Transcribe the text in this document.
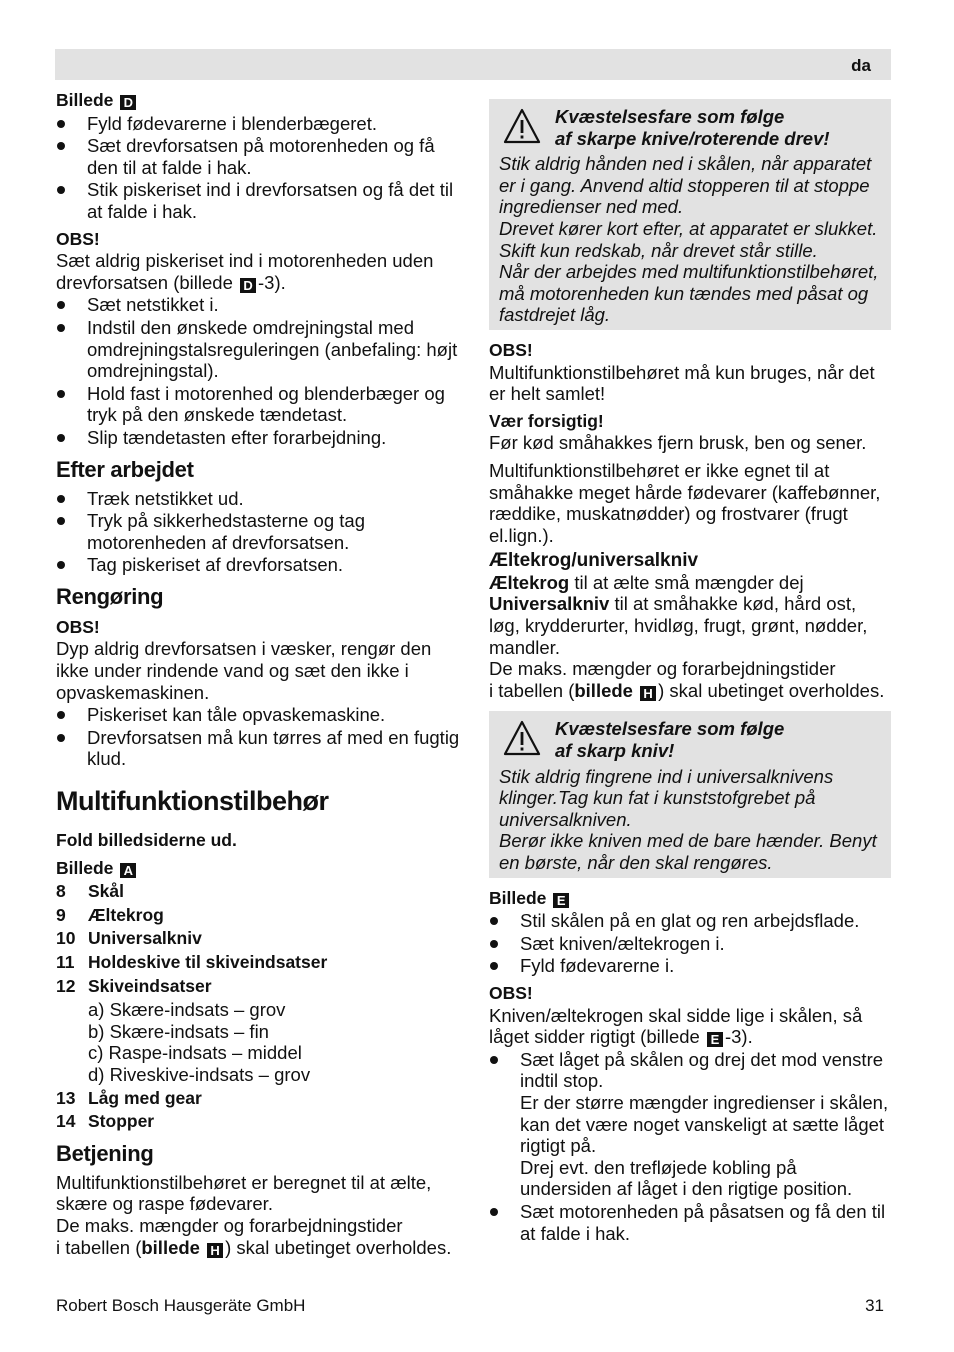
da

Billede D

Fyld fødevarerne i blenderbægeret.
Sæt drevforsatsen på motorenheden og få den til at falde i hak.
Stik piskeriset ind i drevforsatsen og få det til at falde i hak.

OBS!

Sæt aldrig piskeriset ind i motorenheden uden drevforsatsen (billede D -3).

Sæt netstikket i.
Indstil den ønskede omdrejningstal med omdrejningstalsreguleringen (anbefaling: højt omdrejningstal).
Hold fast i motorenhed og blenderbæger og tryk på den ønskede tændetast.
Slip tændetasten efter forarbejdning.

Efter arbejdet

Træk netstikket ud.
Tryk på sikkerhedstasterne og tag motorenheden af drevforsatsen.
Tag piskeriset af drevforsatsen.

Rengøring

OBS!

Dyp aldrig drevforsatsen i væsker, rengør den ikke under rindende vand og sæt den ikke i opvaskemaskinen.

Piskeriset kan tåle opvaskemaskine.
Drevforsatsen må kun tørres af med en fugtig klud.

Multifunktionstilbehør

Fold billedsiderne ud.

Billede A

8	Skål
9	Æltekrog
10 Universalkniv
11 Holdeskive til skiveindsatser
12 Skiveindsatser

a) Skære-indsats – grov

b) Skære-indsats – fin

c) Raspe-indsats – middel

d) Riveskive-indsats – grov

13 Låg med gear
14 Stopper

Betjening

Multifunktionstilbehøret er beregnet til at ælte, skære og raspe fødevarer.

De maks. mængder og forarbejdningstider

i tabellen (billede H ) skal ubetinget overholdes.

Kvæstelsesfare som følge

af skarpe knive/roterende drev!

Stik aldrig hånden ned i skålen, når apparatet er i gang. Anvend altid stopperen til at stoppe ingredienser ned med.

Drevet kører kort efter, at apparatet er slukket. Skift kun redskab, når drevet står stille.

Når der arbejdes med multifunktionstilbehøret, må motorenheden kun tændes med påsat og fastdrejet låg.

OBS!

Multifunktionstilbehøret må kun bruges, når det er helt samlet!

Vær forsigtig!

Før kød småhakkes fjern brusk, ben og sener.

Multifunktionstilbehøret er ikke egnet til at småhakke meget hårde fødevarer (kaffebønner, ræddike, muskatnødder) og frostvarer (frugt el.lign.).

Æltekrog/universalkniv

Æltekrog til at ælte små mængder dej

Universalkniv til at småhakke kød, hård ost, løg, krydderurter, hvidløg, frugt, grønt, nødder, mandler.

De maks. mængder og forarbejdningstider

i tabellen (billede H ) skal ubetinget overholdes.

Kvæstelsesfare som følge

af skarp kniv!

Stik aldrig fingrene ind i universalknivens klinger.Tag kun fat i kunststofgrebet på universalkniven.

Berør ikke kniven med de bare hænder. Benyt en børste, når den skal rengøres.

Billede E

Stil skålen på en glat og ren arbejdsflade.
Sæt kniven/æltekrogen i.
Fyld fødevarerne i.

OBS!

Kniven/æltekrogen skal sidde lige i skålen, så låget sidder rigtigt (billede E -3).

Sæt låget på skålen og drej det mod venstre indtil stop.

Er der større mængder ingredienser i skålen, kan det være noget vanskeligt at sætte låget rigtigt på.

Drej evt. den trefløjede kobling på undersiden af låget i den rigtige position.

Sæt motorenheden på påsatsen og få den til at falde i hak.
Robert Bosch Hausgeräte GmbH	31
